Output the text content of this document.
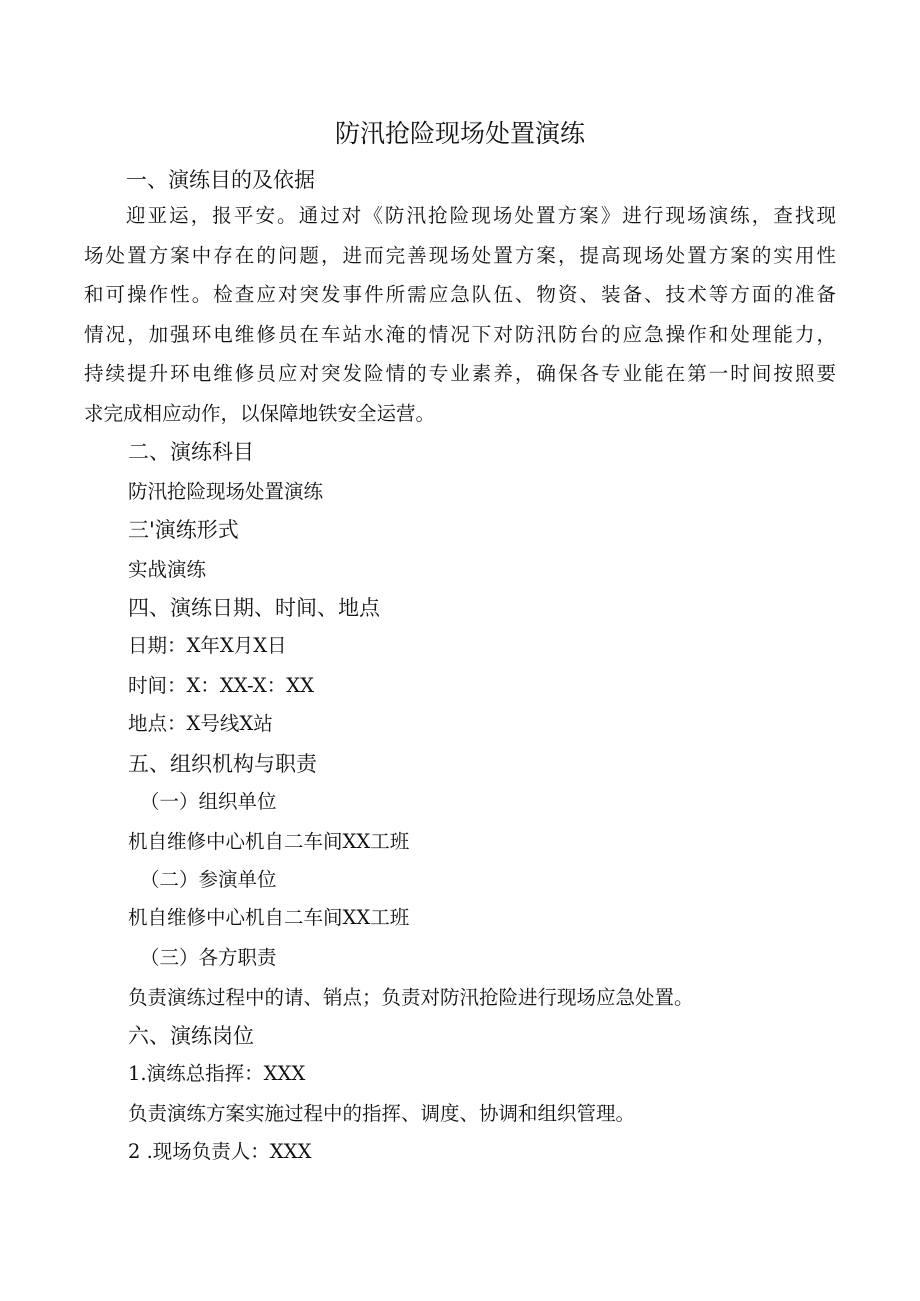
防汛抢险现场处置演练
一、演练目的及依据
迎亚运，报平安。通过对《防汛抢险现场处置方案》进行现场演练，查找现
场处置方案中存在的问题，进而完善现场处置方案，提高现场处置方案的实用性
和可操作性。检查应对突发事件所需应急队伍、物资、装备、技术等方面的准备
情况，加强环电维修员在车站水淹的情况下对防汛防台的应急操作和处理能力，
持续提升环电维修员应对突发险情的专业素养，确保各专业能在第一时间按照要
求完成相应动作，以保障地铁安全运营。
二、演练科目
防汛抢险现场处置演练
三'演练形式
实战演练
四、演练日期、时间、地点
日期：X年X月X日
时间：X：XX-X：XX
地点：X号线X站
五、组织机构与职责
（一）组织单位
机自维修中心机自二车间XX工班
（二）参演单位
机自维修中心机自二车间XX工班
（三）各方职责
负责演练过程中的请、销点；负责对防汛抢险进行现场应急处置。
六、演练岗位
1.演练总指挥：XXX
负责演练方案实施过程中的指挥、调度、协调和组织管理。
2 .现场负责人：XXX
